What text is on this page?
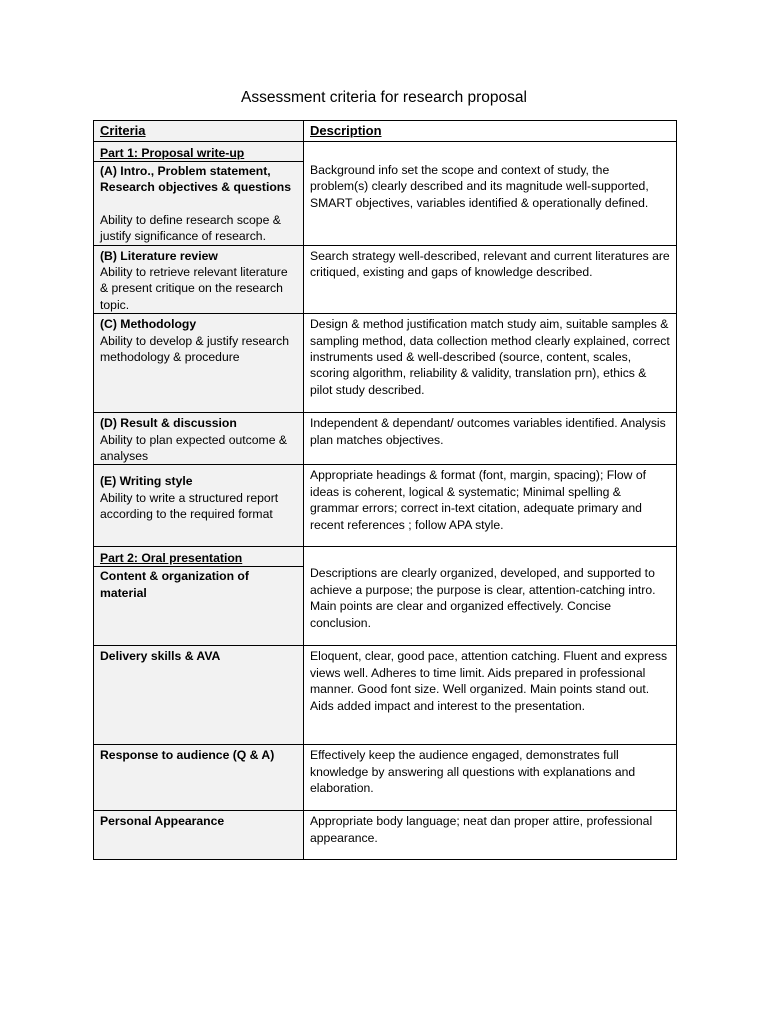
Assessment criteria for research proposal
Criteria	Description

Part 1: Proposal write-up
(A) Intro., Problem statement, Research objectives & questions
Ability to define research scope & justify significance of research.	Background info set the scope and context of study, the problem(s) clearly described and its magnitude well-supported, SMART objectives, variables identified & operationally defined.

(B) Literature review
Ability to retrieve relevant literature & present critique on the research topic.	Search strategy well-described, relevant and current literatures are critiqued, existing and gaps of knowledge described.

(C) Methodology
Ability to develop & justify research methodology & procedure	Design & method justification match study aim, suitable samples & sampling method, data collection method clearly explained, correct instruments used & well-described (source, content, scales, scoring algorithm, reliability & validity, translation prn), ethics & pilot study described.

(D) Result & discussion
Ability to plan expected outcome & analyses	Independent & dependant/ outcomes variables identified. Analysis plan matches objectives.

(E) Writing style
Ability to write a structured report according to the required format	Appropriate headings & format (font, margin, spacing); Flow of ideas is coherent, logical & systematic; Minimal spelling & grammar errors; correct in-text citation, adequate primary and recent references ; follow APA style.

Part 2: Oral presentation
Content & organization of material	Descriptions are clearly organized, developed, and supported to achieve a purpose; the purpose is clear, attention-catching intro. Main points are clear and organized effectively. Concise conclusion.

Delivery skills & AVA	Eloquent, clear, good pace, attention catching. Fluent and express views well. Adheres to time limit. Aids prepared in professional manner. Good font size. Well organized. Main points stand out. Aids added impact and interest to the presentation.

Response to audience (Q & A)	Effectively keep the audience engaged, demonstrates full knowledge by answering all questions with explanations and elaboration.

Personal Appearance	Appropriate body language; neat dan proper attire, professional appearance.
